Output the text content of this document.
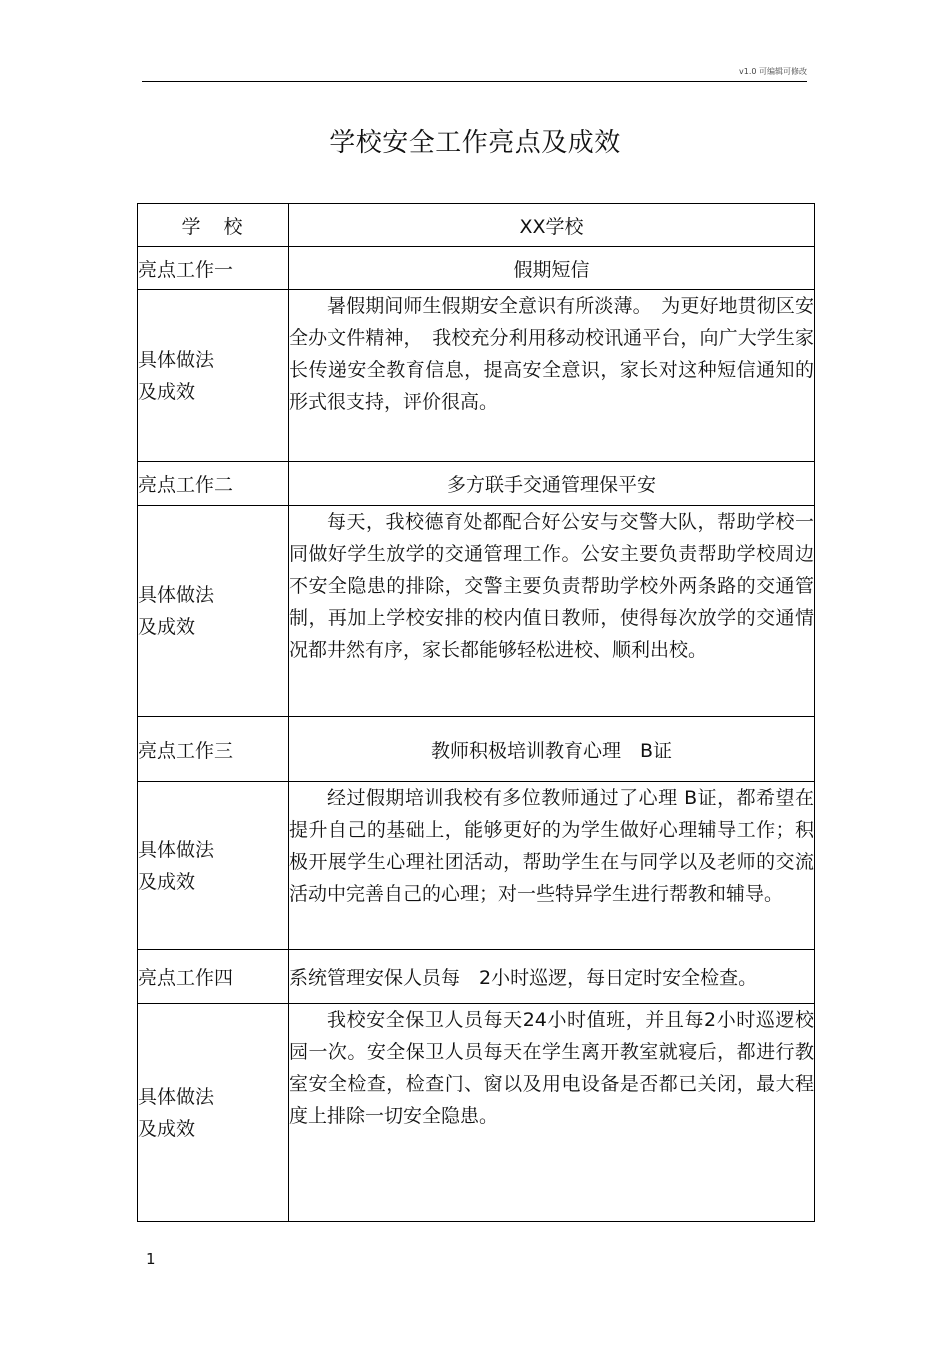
v1.0 可编辑可修改
学校安全工作亮点及成效
学　校	XX学校
亮点工作一	假期短信

具体做法
及成效	暑假期间师生假期安全意识有所淡薄。　为更好地贯彻区安全办文件精神，　我校充分利用移动校讯通平台，向广大学生家长传递安全教育信息，提高安全意识，家长对这种短信通知的形式很支持，评价很高。

亮点工作二	多方联手交通管理保平安

具体做法
及成效	每天，我校德育处都配合好公安与交警大队，帮助学校一同做好学生放学的交通管理工作。公安主要负责帮助学校周边不安全隐患的排除，交警主要负责帮助学校外两条路的交通管制，再加上学校安排的校内值日教师，使得每次放学的交通情况都井然有序，家长都能够轻松进校、顺利出校。

亮点工作三	教师积极培训教育心理　B证

具体做法
及成效	经过假期培训我校有多位教师通过了心理 B证，都希望在提升自己的基础上，能够更好的为学生做好心理辅导工作；积极开展学生心理社团活动，帮助学生在与同学以及老师的交流活动中完善自己的心理；对一些特异学生进行帮教和辅导。

亮点工作四	系统管理安保人员每　2小时巡逻，每日定时安全检查。

具体做法
及成效	我校安全保卫人员每天24小时值班，并且每2小时巡逻校园一次。安全保卫人员每天在学生离开教室就寝后，都进行教室安全检查，检查门、窗以及用电设备是否都已关闭，最大程度上排除一切安全隐患。

1
